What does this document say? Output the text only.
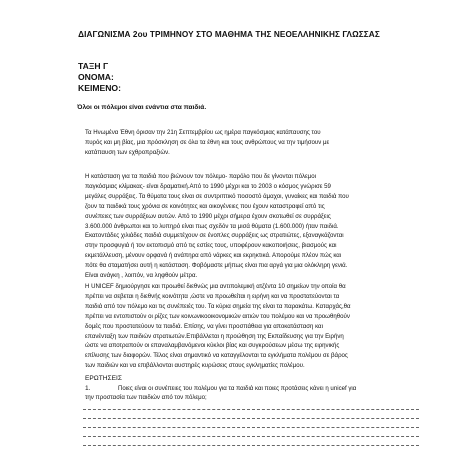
ΔΙΑΓΩΝΙΣΜΑ 2ου ΤΡΙΜΗΝΟΥ ΣΤΟ ΜΑΘΗΜΑ ΤΗΣ ΝΕΟΕΛΛΗΝΙΚΗΣ ΓΛΩΣΣΑΣ
ΤΑΞΗ Γ
ΟΝΟΜΑ:
ΚΕΙΜΕΝΟ:
Όλοι οι πόλεμοι είναι ενάντια στα παιδιά.
Τα Ηνωμένα Έθνη όρισαν την 21η Σεπτεμβρίου ως ημέρα παγκόσμιας κατάπαυσης του
πυρός και μη βίας, μια πρόσκληση σε όλα τα έθνη και τους ανθρώπους να την τιμήσουν με
κατάπαυση των εχθροπραξιών.
Η κατάσταση για τα παιδιά που βιώνουν τον πόλεμο- παρόλο που δε γίνονται πόλεμοι
παγκόσμιας κλίμακας- είναι δραματική.Από το 1990 μέχρι και το 2003 ο κόσμος γνώρισε 59
μεγάλες συρράξεις. Τα θύματα τους είναι σε συντριπτικό ποσοστό άμαχοι, γυναίκες και παιδιά που
ζουν τα παιδικά τους χρόνια σε κοινότητες και οικογένειες που έχουν καταστραφεί από τις
συνέπειες των συρράξεων αυτών. Από το 1990 μέχρι σήμερα έχουν σκοτωθεί σε συρράξεις
3.600.000 άνθρωποι και το λυπηρό είναι πως σχεδόν τα μισά θύματα (1.600.000) ήταν παιδιά.
Εκατοντάδες χιλιάδες παιδιά συμμετέχουν σε ένοπλες συρράξεις ως στρατιώτες, εξαναγκάζονται
στην προσφυγιά ή τον εκτοπισμό από τις εστίες τους, υποφέρουν κακοποιήσεις, βιασμούς και
εκμετάλλευση, μένουν ορφανά ή ανάπηρα από νάρκες και εκρηκτικά. Απορούμε πλέον πώς και
πότε θα σταματήσει αυτή η κατάσταση. Φοβόμαστε μήπως είναι πια αργά για μια ολόκληρη γενιά.
Είναι ανάγκη , λοιπόν, να ληφθούν μέτρα.
Η UNICEF δημιούργησε και προωθεί διεθνώς μια αντιπολεμική ατζέντα 10 σημείων την οποία θα
πρέπει να σεβεται η διεθνής κοινότητα ,ώστε να προωθείται η ειρήνη και να προστατεύονται τα
παιδιά από τον πόλεμο και τις συνέπειές του. Τα κύρια σημεία της είναι τα παρακάτω. Καταρχάς,θα
πρέπει να εντοπιστούν οι ρίζες των κοινωνικοοικονομικών αιτιών του πολέμου και να προωθηθούν
δομές που προστατεύουν τα παιδιά. Επίσης, να γίνει προσπάθεια για αποκατάσταση και
επανένταξη των παιδιών στρατιωτών.Επιβάλλεται η προώθηση της Εκπαίδευσης για την Ειρήνη
ώστε να αποτραπούν οι επαναλαμβανόμενοι κύκλοι βίας και συγκρούσεων μέσω της ειρηνικής
επίλυσης των διαφορών. Τέλος είναι σημαντικό να καταγγέλονται τα εγκλήματα πολέμου σε βάρος
των παιδιών και να επιβάλλονται αυστηρές κυρώσεις στους εγκληματίες πολέμου.
ΕΡΩΤΗΣΕΙΣ
1.	Ποιες είναι οι συνέπειες του πολέμου για τα παιδιά και ποιες προτάσεις κάνει η unicef για
την προστασία των παιδιών από τον πόλεμο;
